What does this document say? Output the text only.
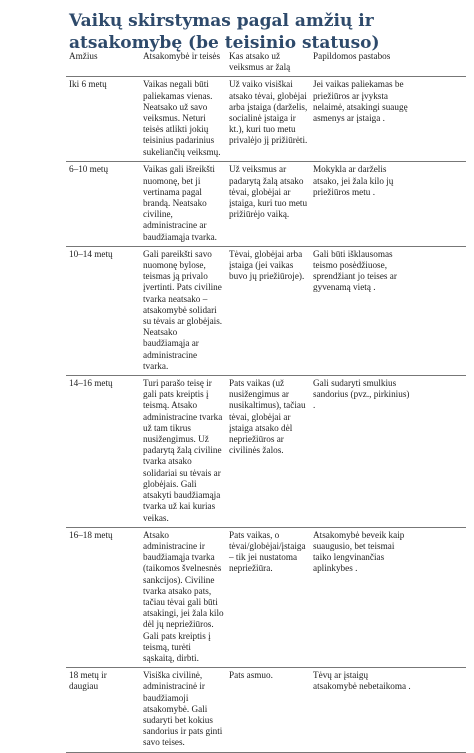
Vaikų skirstymas pagal amžių ir atsakomybę (be teisinio statuso)
Amžius	Atsakomybė ir teisės	Kas atsako už veiksmus ar žalą	Papildomos pastabos
Iki 6 metų	Vaikas negali būti paliekamas vienas. Neatsako už savo veiksmus. Neturi teisės atlikti jokių teisinius padarinius sukeliančių veiksmų.	Už vaiko visiškai atsako tėvai, globėjai arba įstaiga (darželis, socialinė įstaiga ir kt.), kuri tuo metu privalėjo jį prižiūrėti.	Jei vaikas paliekamas be priežiūros ar įvyksta nelaimė, atsakingi suaugę asmenys ar įstaiga .

6–10 metų	Vaikas gali išreikšti nuomonę, bet ji vertinama pagal brandą. Neatsako civiline, administracine ar baudžiamąja tvarka.	Už veiksmus ar padarytą žalą atsako tėvai, globėjai ar įstaiga, kuri tuo metu prižiūrėjo vaiką.	Mokykla ar darželis atsako, jei žala kilo jų priežiūros metu .

10–14 metų	Gali pareikšti savo nuomonę bylose, teismas ją privalo įvertinti. Pats civiline tvarka neatsako – atsakomybė solidari su tėvais ar globėjais. Neatsako baudžiamąja ar administracine tvarka.	Tėvai, globėjai arba įstaiga (jei vaikas buvo jų priežiūroje).	Gali būti išklausomas teismo posėdžiuose, sprendžiant jo teises ar gyvenamą vietą .

14–16 metų	Turi parašo teisę ir gali pats kreiptis į teismą. Atsako administracine tvarka už tam tikrus nusižengimus. Už padarytą žalą civiline tvarka atsako solidariai su tėvais ar globėjais. Gali atsakyti baudžiamąja tvarka už kai kurias veikas.	Pats vaikas (už nusižengimus ar nusikaltimus), tačiau tėvai, globėjai ar įstaiga atsako dėl nepriežiūros ar civilinės žalos.	Gali sudaryti smulkius sandorius (pvz., pirkinius) .

16–18 metų	Atsako administracine ir baudžiamąja tvarka (taikomos švelnesnės sankcijos). Civiline tvarka atsako pats, tačiau tėvai gali būti atsakingi, jei žala kilo dėl jų nepriežiūros. Gali pats kreiptis į teismą, turėti sąskaitą, dirbti.	Pats vaikas, o tėvai/globėjai/įstaiga – tik jei nustatoma nepriežiūra.	Atsakomybė beveik kaip suaugusio, bet teismai taiko lengvinančias aplinkybes .

18 metų ir daugiau	Visiška civilinė, administracinė ir baudžiamoji atsakomybė. Gali sudaryti bet kokius sandorius ir pats ginti savo teises.	Pats asmuo.	Tėvų ar įstaigų atsakomybė nebetaikoma .
